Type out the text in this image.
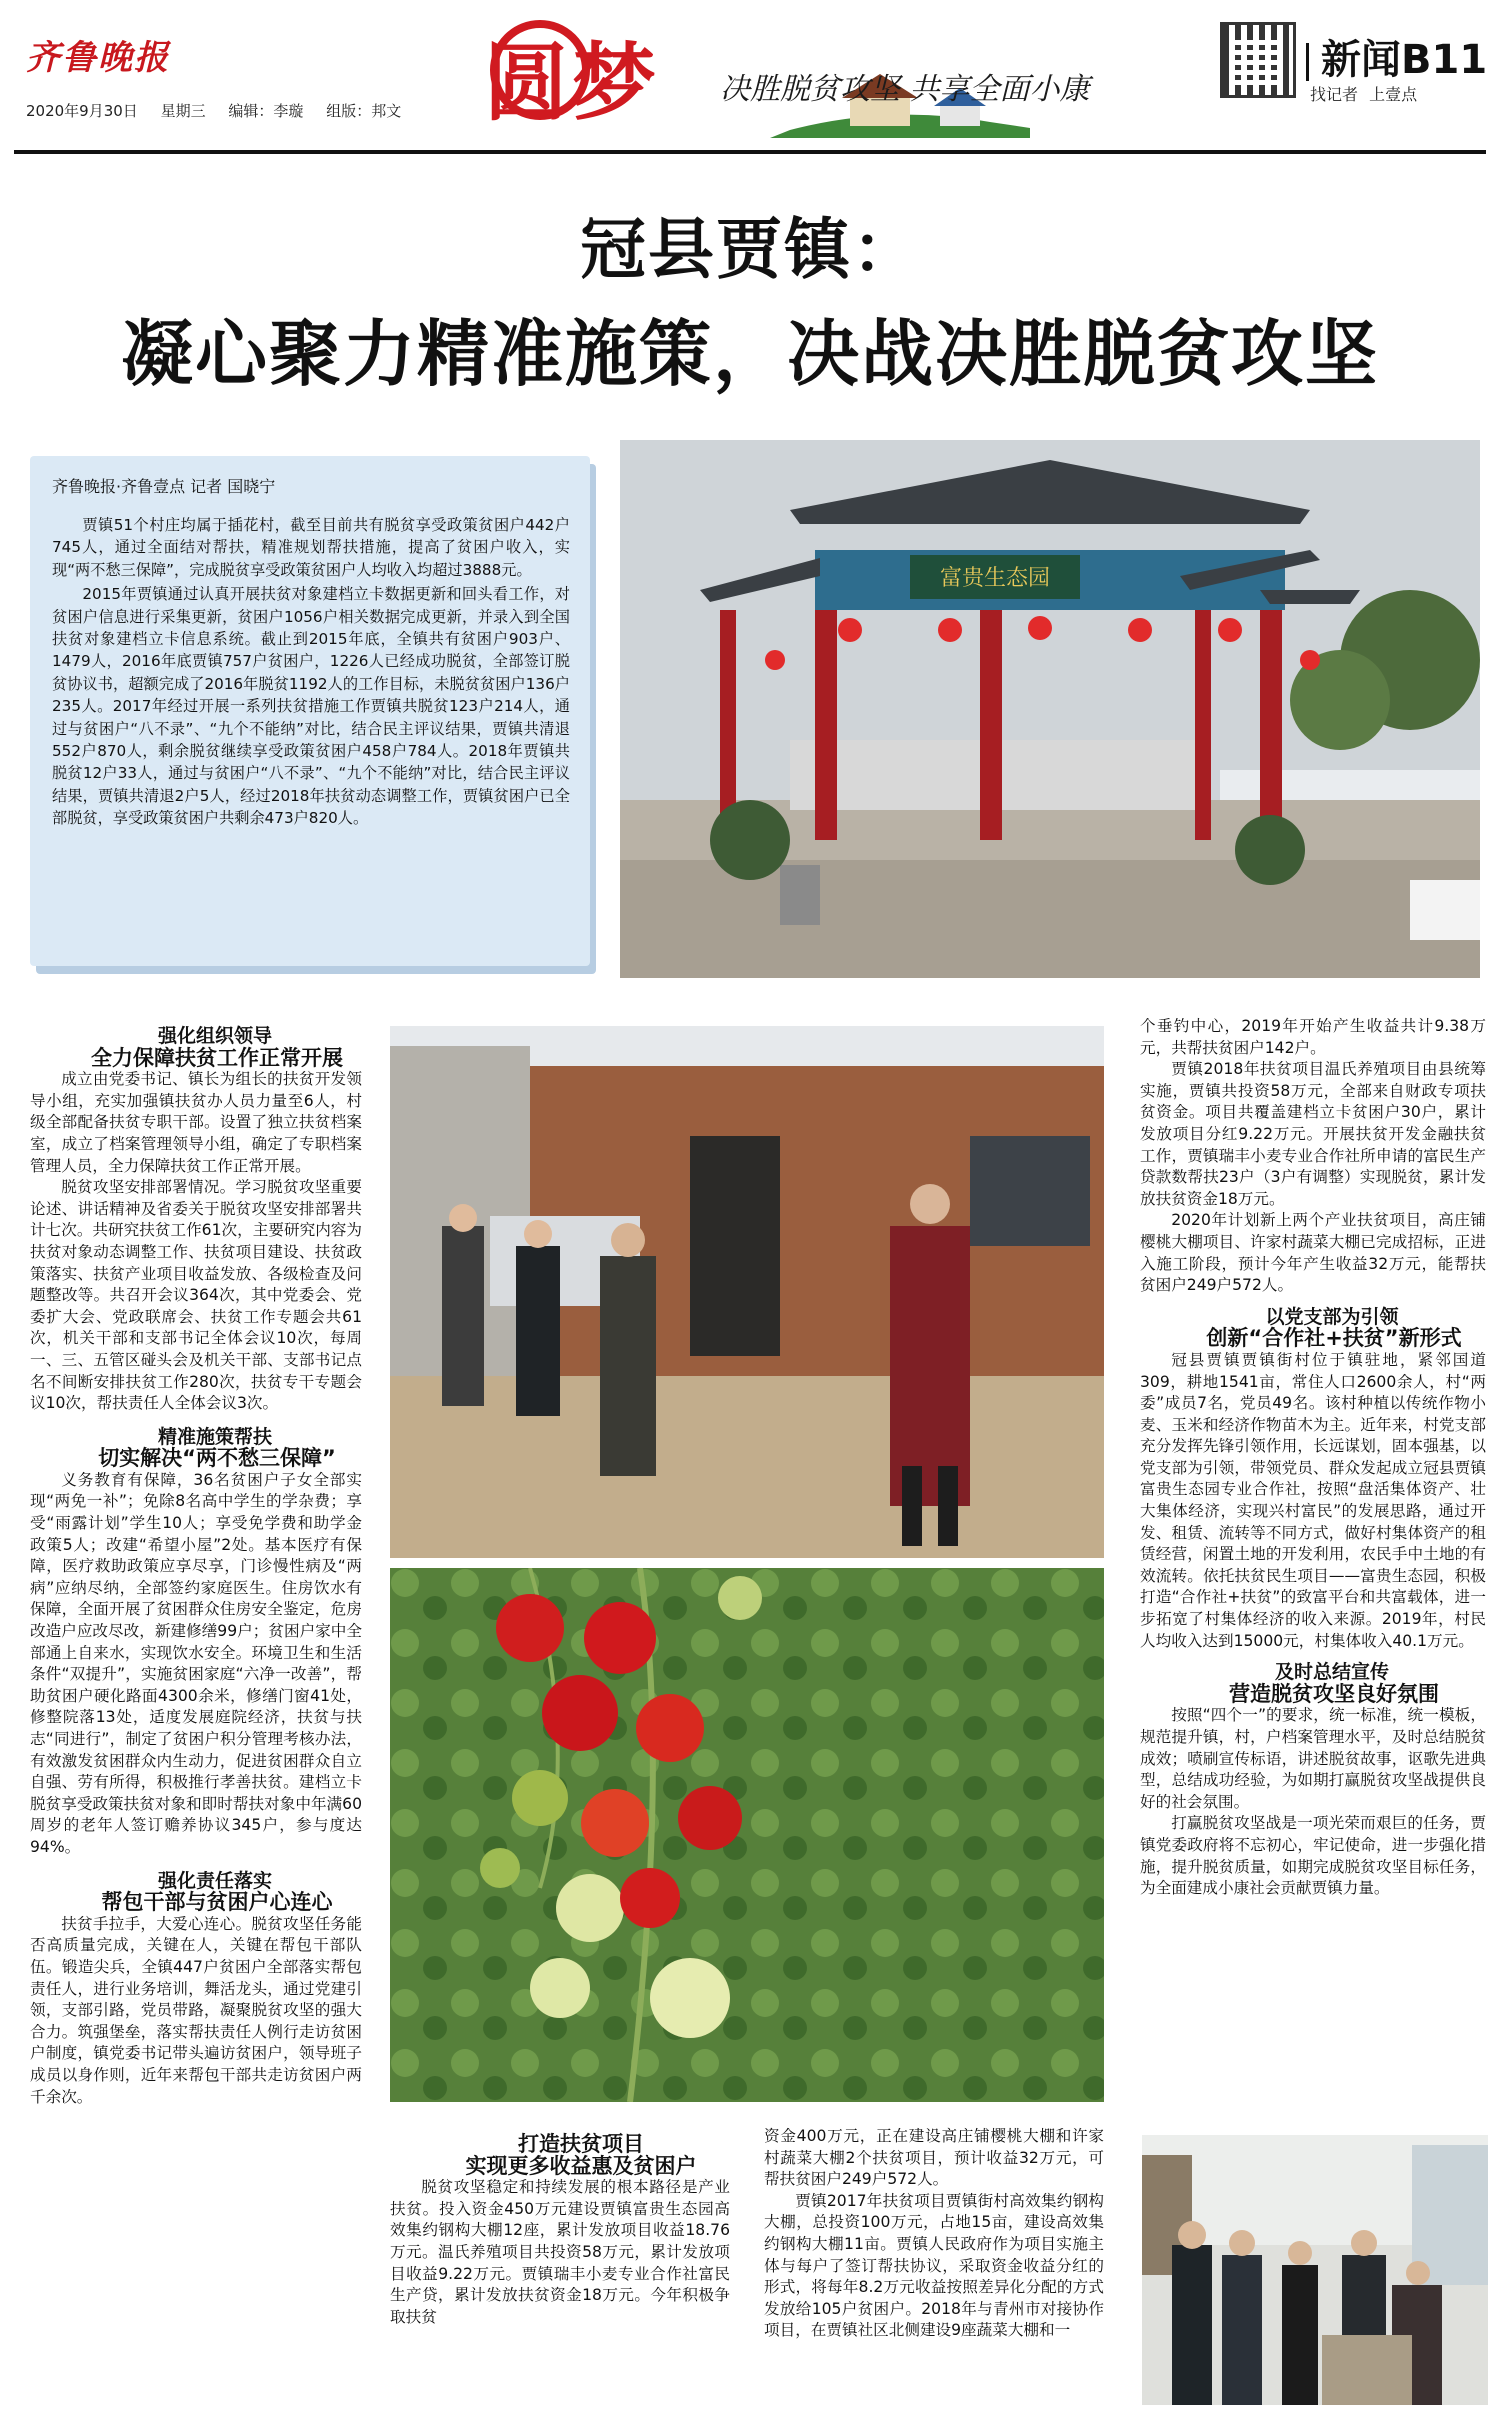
齐鲁晚报
2020年9月30日 星期三 编辑：李璇 组版：邦文 圆梦 决胜脱贫攻坚 共享全面小康
新闻B11
找记者 上壹点
冠县贾镇：
凝心聚力精准施策，决战决胜脱贫攻坚
齐鲁晚报·齐鲁壹点 记者 国晓宁

贾镇51个村庄均属于插花村，截至目前共有脱贫享受政策贫困户442户745人，通过全面结对帮扶，精准规划帮扶措施，提高了贫困户收入，实现“两不愁三保障”，完成脱贫享受政策贫困户人均收入均超过3888元。

2015年贾镇通过认真开展扶贫对象建档立卡数据更新和回头看工作，对贫困户信息进行采集更新，贫困户1056户相关数据完成更新，并录入到全国扶贫对象建档立卡信息系统。截止到2015年底，全镇共有贫困户903户、1479人，2016年底贾镇757户贫困户，1226人已经成功脱贫，全部签订脱贫协议书，超额完成了2016年脱贫1192人的工作目标，未脱贫贫困户136户235人。2017年经过开展一系列扶贫措施工作贾镇共脱贫123户214人，通过与贫困户“八不录”、“九个不能纳”对比，结合民主评议结果，贾镇共清退552户870人，剩余脱贫继续享受政策贫困户458户784人。2018年贾镇共脱贫12户33人，通过与贫困户“八不录”、“九个不能纳”对比，结合民主评议结果，贾镇共清退2户5人，经过2018年扶贫动态调整工作，贾镇贫困户已全部脱贫，享受政策贫困户共剩余473户820人。

富贵生态园

强化组织领导

全力保障扶贫工作正常开展

成立由党委书记、镇长为组长的扶贫开发领导小组，充实加强镇扶贫办人员力量至6人，村级全部配备扶贫专职干部。设置了独立扶贫档案室，成立了档案管理领导小组，确定了专职档案管理人员，全力保障扶贫工作正常开展。

脱贫攻坚安排部署情况。学习脱贫攻坚重要论述、讲话精神及省委关于脱贫攻坚安排部署共计七次。共研究扶贫工作61次，主要研究内容为扶贫对象动态调整工作、扶贫项目建设、扶贫政策落实、扶贫产业项目收益发放、各级检查及问题整改等。共召开会议364次，其中党委会、党委扩大会、党政联席会、扶贫工作专题会共61次，机关干部和支部书记全体会议10次，每周一、三、五管区碰头会及机关干部、支部书记点名不间断安排扶贫工作280次，扶贫专干专题会议10次，帮扶责任人全体会议3次。

精准施策帮扶

切实解决“两不愁三保障”

义务教育有保障，36名贫困户子女全部实现“两免一补”；免除8名高中学生的学杂费；享受“雨露计划”学生10人；享受免学费和助学金政策5人；改建“希望小屋”2处。基本医疗有保障，医疗救助政策应享尽享，门诊慢性病及“两病”应纳尽纳，全部签约家庭医生。住房饮水有保障，全面开展了贫困群众住房安全鉴定，危房改造户应改尽改，新建修缮99户；贫困户家中全部通上自来水，实现饮水安全。环境卫生和生活条件“双提升”，实施贫困家庭“六净一改善”，帮助贫困户硬化路面4300余米，修缮门窗41处，修整院落13处，适度发展庭院经济，扶贫与扶志“同进行”，制定了贫困户积分管理考核办法，有效激发贫困群众内生动力，促进贫困群众自立自强、劳有所得，积极推行孝善扶贫。建档立卡脱贫享受政策扶贫对象和即时帮扶对象中年满60周岁的老年人签订赡养协议345户，参与度达94%。

强化责任落实

帮包干部与贫困户心连心

扶贫手拉手，大爱心连心。脱贫攻坚任务能否高质量完成，关键在人，关键在帮包干部队伍。锻造尖兵，全镇447户贫困户全部落实帮包责任人，进行业务培训，舞活龙头，通过党建引领，支部引路，党员带路，凝聚脱贫攻坚的强大合力。筑强堡垒，落实帮扶责任人例行走访贫困户制度，镇党委书记带头遍访贫困户，领导班子成员以身作则，近年来帮包干部共走访贫困户两千余次。

打造扶贫项目

实现更多收益惠及贫困户

脱贫攻坚稳定和持续发展的根本路径是产业扶贫。投入资金450万元建设贾镇富贵生态园高效集约钢构大棚12座，累计发放项目收益18.76万元。温氏养殖项目共投资58万元，累计发放项目收益9.22万元。贾镇瑞丰小麦专业合作社富民生产贷，累计发放扶贫资金18万元。今年积极争取扶贫

资金400万元，正在建设高庄铺樱桃大棚和许家村蔬菜大棚2个扶贫项目，预计收益32万元，可帮扶贫困户249户572人。

贾镇2017年扶贫项目贾镇街村高效集约钢构大棚，总投资100万元，占地15亩，建设高效集约钢构大棚11亩。贾镇人民政府作为项目实施主体与每户了签订帮扶协议，采取资金收益分红的形式，将每年8.2万元收益按照差异化分配的方式发放给105户贫困户。2018年与青州市对接协作项目，在贾镇社区北侧建设9座蔬菜大棚和一

个垂钓中心，2019年开始产生收益共计9.38万元，共帮扶贫困户142户。

贾镇2018年扶贫项目温氏养殖项目由县统筹实施，贾镇共投资58万元，全部来自财政专项扶贫资金。项目共覆盖建档立卡贫困户30户，累计发放项目分红9.22万元。开展扶贫开发金融扶贫工作，贾镇瑞丰小麦专业合作社所申请的富民生产贷款数帮扶23户（3户有调整）实现脱贫，累计发放扶贫资金18万元。

2020年计划新上两个产业扶贫项目，高庄铺樱桃大棚项目、许家村蔬菜大棚已完成招标，正进入施工阶段，预计今年产生收益32万元，能帮扶贫困户249户572人。

以党支部为引领

创新“合作社+扶贫”新形式

冠县贾镇贾镇街村位于镇驻地，紧邻国道309，耕地1541亩，常住人口2600余人，村“两委”成员7名，党员49名。该村种植以传统作物小麦、玉米和经济作物苗木为主。近年来，村党支部充分发挥先锋引领作用，长远谋划，固本强基，以党支部为引领，带领党员、群众发起成立冠县贾镇富贵生态园专业合作社，按照“盘活集体资产、壮大集体经济，实现兴村富民”的发展思路，通过开发、租赁、流转等不同方式，做好村集体资产的租赁经营，闲置土地的开发利用，农民手中土地的有效流转。依托扶贫民生项目——富贵生态园，积极打造“合作社+扶贫”的致富平台和共富载体，进一步拓宽了村集体经济的收入来源。2019年，村民人均收入达到15000元，村集体收入40.1万元。

及时总结宣传

营造脱贫攻坚良好氛围

按照“四个一”的要求，统一标准，统一模板，规范提升镇，村，户档案管理水平，及时总结脱贫成效；喷刷宣传标语，讲述脱贫故事，讴歌先进典型，总结成功经验，为如期打赢脱贫攻坚战提供良好的社会氛围。

打赢脱贫攻坚战是一项光荣而艰巨的任务，贾镇党委政府将不忘初心，牢记使命，进一步强化措施，提升脱贫质量，如期完成脱贫攻坚目标任务，为全面建成小康社会贡献贾镇力量。
